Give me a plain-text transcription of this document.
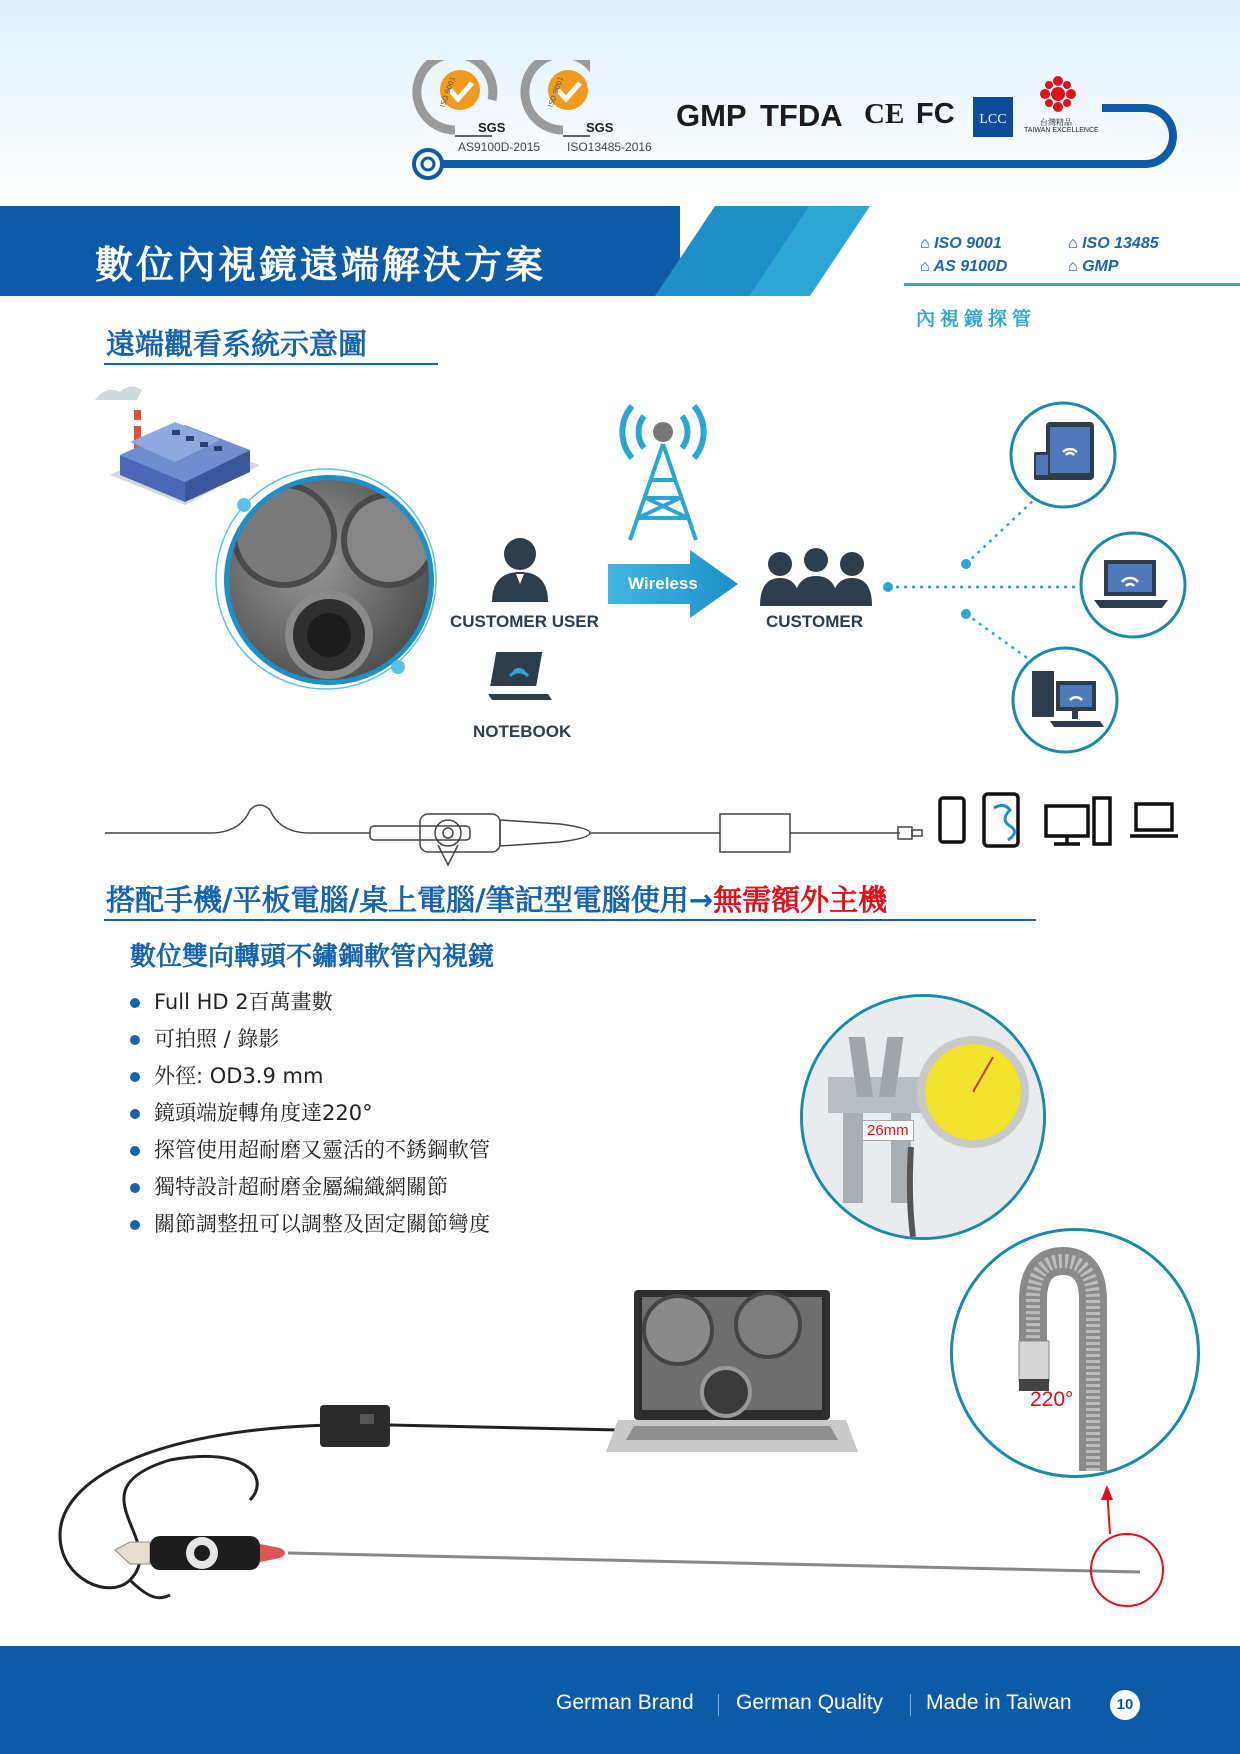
ISO 9001	ISO 9001
SGS	SGS
AS9100D-2015 ISO13485-2016
GMP TFDA CE FC LCC	台灣精品
TAIWAN EXCELLENCE
數位內視鏡遠端解決方案	⌂ ISO 9001	⌂ ISO 13485
⌂ AS 9100D	⌂ GMP
內視鏡探管
遠端觀看系統示意圖
CUSTOMER USER
NOTEBOOK
Wireless
CUSTOMER
搭配手機/平板電腦/桌上電腦/筆記型電腦使用→無需額外主機
數位雙向轉頭不鏽鋼軟管內視鏡
Full HD 2百萬畫數
可拍照 / 錄影
外徑: OD3.9 mm
鏡頭端旋轉角度達220°
探管使用超耐磨又靈活的不銹鋼軟管
獨特設計超耐磨金屬編織網關節
關節調整扭可以調整及固定關節彎度
26mm
220°
German Brand German Quality Made in Taiwan	10
